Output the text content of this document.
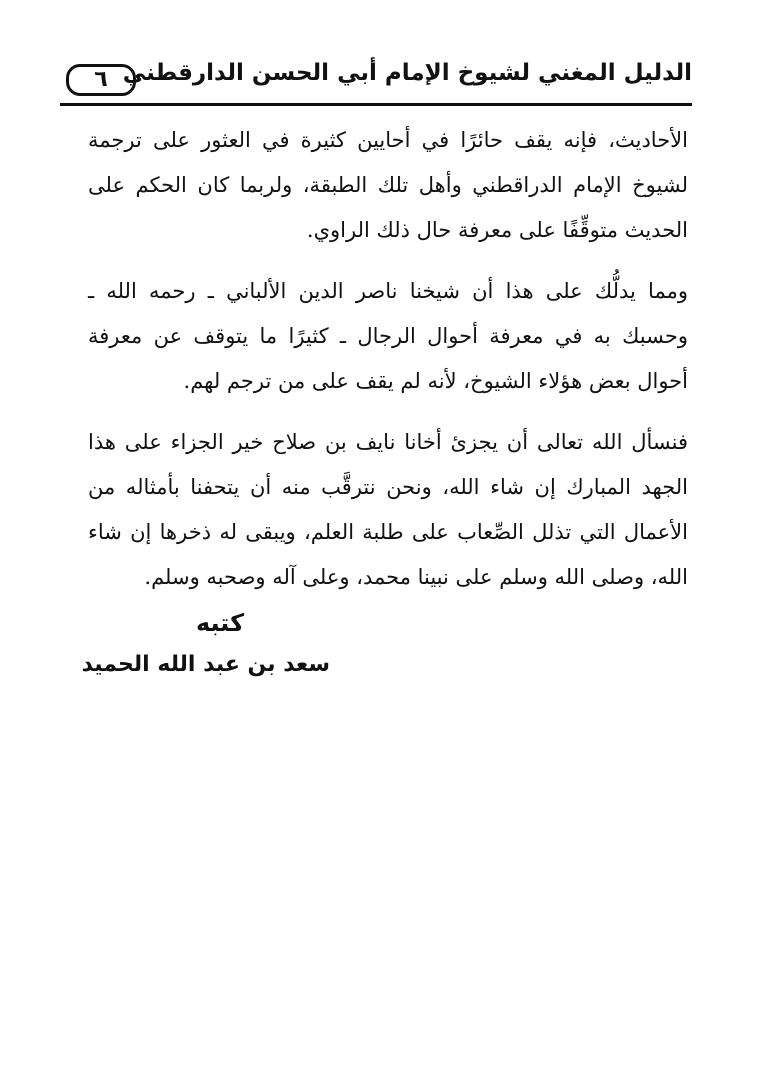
٦ الدليل المغني لشيوخ الإمام أبي الحسن الدارقطني

الأحاديث، فإنه يقف حائرًا في أحايين كثيرة في العثور على ترجمة لشيوخ الإمام الدراقطني وأهل تلك الطبقة، ولربما كان الحكم على الحديث متوقِّفًا على معرفة حال ذلك الراوي.

ومما يدلُّك على هذا أن شيخنا ناصر الدين الألباني ـ رحمه الله ـ وحسبك به في معرفة أحوال الرجال ـ كثيرًا ما يتوقف عن معرفة أحوال بعض هؤلاء الشيوخ، لأنه لم يقف على من ترجم لهم.

فنسأل الله تعالى أن يجزئ أخانا نايف بن صلاح خير الجزاء على هذا الجهد المبارك إن شاء الله، ونحن نترقَّب منه أن يتحفنا بأمثاله من الأعمال التي تذلل الصِّعاب على طلبة العلم، ويبقى له ذخرها إن شاء الله، وصلى الله وسلم على نبينا محمد، وعلى آله وصحبه وسلم.

كتبه
سعد بن عبد الله الحميد
